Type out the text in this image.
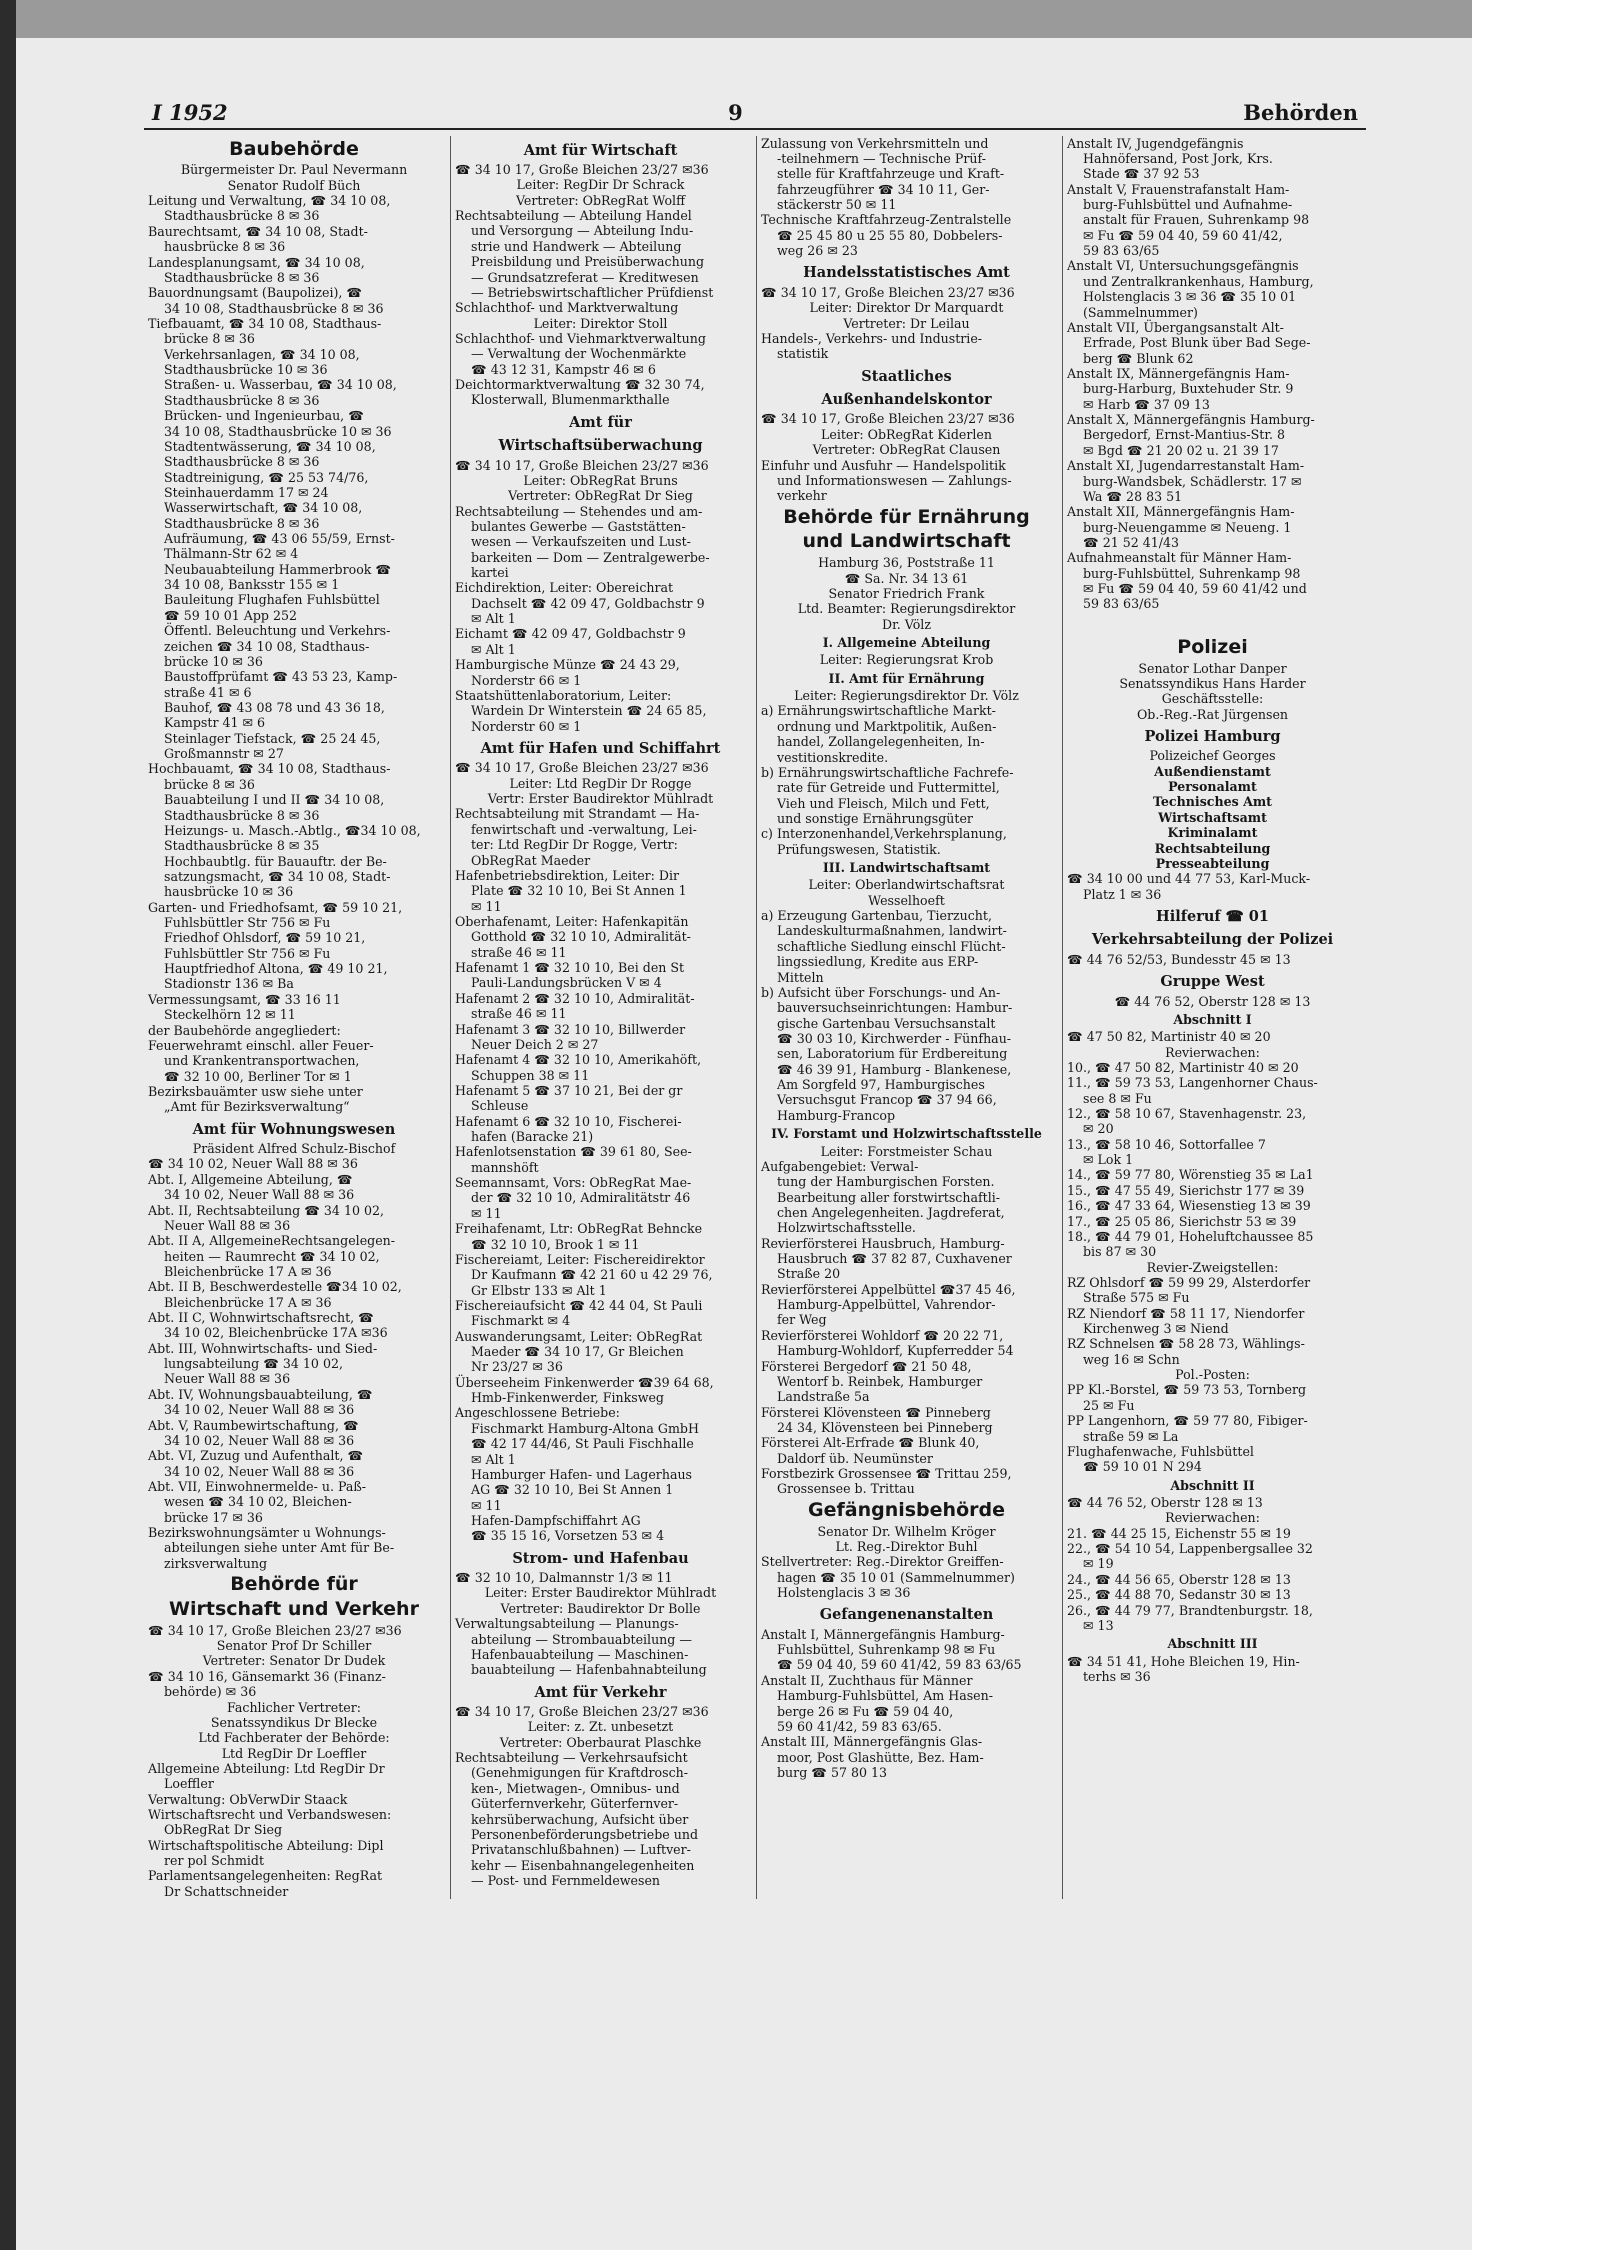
I 1952	9	Behörden

Baubehörde

Bürgermeister Dr. Paul Nevermann

Senator Rudolf Büch

Leitung und Verwaltung, ☎ 34 10 08,

Stadthausbrücke 8 ✉ 36

Baurechtsamt, ☎ 34 10 08, Stadt-

hausbrücke 8 ✉ 36

Landesplanungsamt, ☎ 34 10 08,

Stadthausbrücke 8 ✉ 36

Bauordnungsamt (Baupolizei), ☎

34 10 08, Stadthausbrücke 8 ✉ 36

Tiefbauamt, ☎ 34 10 08, Stadthaus-

brücke 8 ✉ 36

Verkehrsanlagen, ☎ 34 10 08,

Stadthausbrücke 10 ✉ 36

Straßen- u. Wasserbau, ☎ 34 10 08,

Stadthausbrücke 8 ✉ 36

Brücken- und Ingenieurbau, ☎

34 10 08, Stadthausbrücke 10 ✉ 36

Stadtentwässerung, ☎ 34 10 08,

Stadthausbrücke 8 ✉ 36

Stadtreinigung, ☎ 25 53 74/76,

Steinhauerdamm 17 ✉ 24

Wasserwirtschaft, ☎ 34 10 08,

Stadthausbrücke 8 ✉ 36

Aufräumung, ☎ 43 06 55/59, Ernst-

Thälmann-Str 62 ✉ 4

Neubauabteilung Hammerbrook ☎

34 10 08, Banksstr 155 ✉ 1

Bauleitung Flughafen Fuhlsbüttel

☎ 59 10 01 App 252

Öffentl. Beleuchtung und Verkehrs-

zeichen ☎ 34 10 08, Stadthaus-

brücke 10 ✉ 36

Baustoffprüfamt ☎ 43 53 23, Kamp-

straße 41 ✉ 6

Bauhof, ☎ 43 08 78 und 43 36 18,

Kampstr 41 ✉ 6

Steinlager Tiefstack, ☎ 25 24 45,

Großmannstr ✉ 27

Hochbauamt, ☎ 34 10 08, Stadthaus-

brücke 8 ✉ 36

Bauabteilung I und II ☎ 34 10 08,

Stadthausbrücke 8 ✉ 36

Heizungs- u. Masch.-Abtlg., ☎34 10 08,

Stadthausbrücke 8 ✉ 35

Hochbaubtlg. für Bauauftr. der Be-

satzungsmacht, ☎ 34 10 08, Stadt-

hausbrücke 10 ✉ 36

Garten- und Friedhofsamt, ☎ 59 10 21,

Fuhlsbüttler Str 756 ✉ Fu

Friedhof Ohlsdorf, ☎ 59 10 21,

Fuhlsbüttler Str 756 ✉ Fu

Hauptfriedhof Altona, ☎ 49 10 21,

Stadionstr 136 ✉ Ba

Vermessungsamt, ☎ 33 16 11

Steckelhörn 12 ✉ 11

der Baubehörde angegliedert:

Feuerwehramt einschl. aller Feuer-

und Krankentransportwachen,

☎ 32 10 00, Berliner Tor ✉ 1

Bezirksbauämter usw siehe unter

„Amt für Bezirksverwaltung“

Amt für Wohnungswesen

Präsident Alfred Schulz-Bischof

☎ 34 10 02, Neuer Wall 88 ✉ 36

Abt. I, Allgemeine Abteilung, ☎

34 10 02, Neuer Wall 88 ✉ 36

Abt. II, Rechtsabteilung ☎ 34 10 02,

Neuer Wall 88 ✉ 36

Abt. II A, AllgemeineRechtsangelegen-

heiten — Raumrecht ☎ 34 10 02,

Bleichenbrücke 17 A ✉ 36

Abt. II B, Beschwerdestelle ☎34 10 02,

Bleichenbrücke 17 A ✉ 36

Abt. II C, Wohnwirtschaftsrecht, ☎

34 10 02, Bleichenbrücke 17A ✉36

Abt. III, Wohnwirtschafts- und Sied-

lungsabteilung ☎ 34 10 02,

Neuer Wall 88 ✉ 36

Abt. IV, Wohnungsbauabteilung, ☎

34 10 02, Neuer Wall 88 ✉ 36

Abt. V, Raumbewirtschaftung, ☎

34 10 02, Neuer Wall 88 ✉ 36

Abt. VI, Zuzug und Aufenthalt, ☎

34 10 02, Neuer Wall 88 ✉ 36

Abt. VII, Einwohnermelde- u. Paß-

wesen ☎ 34 10 02, Bleichen-

brücke 17 ✉ 36

Bezirkswohnungsämter u Wohnungs-

abteilungen siehe unter Amt für Be-

zirksverwaltung

Behörde für

Wirtschaft und Verkehr

☎ 34 10 17, Große Bleichen 23/27 ✉36

Senator Prof Dr Schiller

Vertreter: Senator Dr Dudek

☎ 34 10 16, Gänsemarkt 36 (Finanz-

behörde) ✉ 36

Fachlicher Vertreter:

Senatssyndikus Dr Blecke

Ltd Fachberater der Behörde:

Ltd RegDir Dr Loeffler

Allgemeine Abteilung: Ltd RegDir Dr

Loeffler

Verwaltung: ObVerwDir Staack

Wirtschaftsrecht und Verbandswesen:

ObRegRat Dr Sieg

Wirtschaftspolitische Abteilung: Dipl

rer pol Schmidt

Parlamentsangelegenheiten: RegRat

Dr Schattschneider

Amt für Wirtschaft

☎ 34 10 17, Große Bleichen 23/27 ✉36

Leiter: RegDir Dr Schrack

Vertreter: ObRegRat Wolff

Rechtsabteilung — Abteilung Handel

und Versorgung — Abteilung Indu-

strie und Handwerk — Abteilung

Preisbildung und Preisüberwachung

— Grundsatzreferat — Kreditwesen

— Betriebswirtschaftlicher Prüfdienst

Schlachthof- und Marktverwaltung

Leiter: Direktor Stoll

Schlachthof- und Viehmarktverwaltung

— Verwaltung der Wochenmärkte

☎ 43 12 31, Kampstr 46 ✉ 6

Deichtormarktverwaltung ☎ 32 30 74,

Klosterwall, Blumenmarkthalle

Amt für

Wirtschaftsüberwachung

☎ 34 10 17, Große Bleichen 23/27 ✉36

Leiter: ObRegRat Bruns

Vertreter: ObRegRat Dr Sieg

Rechtsabteilung — Stehendes und am-

bulantes Gewerbe — Gaststätten-

wesen — Verkaufszeiten und Lust-

barkeiten — Dom — Zentralgewerbe-

kartei

Eichdirektion, Leiter: Obereichrat

Dachselt ☎ 42 09 47, Goldbachstr 9

✉ Alt 1

Eichamt ☎ 42 09 47, Goldbachstr 9

✉ Alt 1

Hamburgische Münze ☎ 24 43 29,

Norderstr 66 ✉ 1

Staatshüttenlaboratorium, Leiter:

Wardein Dr Winterstein ☎ 24 65 85,

Norderstr 60 ✉ 1

Amt für Hafen und Schiffahrt

☎ 34 10 17, Große Bleichen 23/27 ✉36

Leiter: Ltd RegDir Dr Rogge

Vertr: Erster Baudirektor Mühlradt

Rechtsabteilung mit Strandamt — Ha-

fenwirtschaft und -verwaltung, Lei-

ter: Ltd RegDir Dr Rogge, Vertr:

ObRegRat Maeder

Hafenbetriebsdirektion, Leiter: Dir

Plate ☎ 32 10 10, Bei St Annen 1

✉ 11

Oberhafenamt, Leiter: Hafenkapitän

Gotthold ☎ 32 10 10, Admiralität-

straße 46 ✉ 11

Hafenamt 1 ☎ 32 10 10, Bei den St

Pauli-Landungsbrücken V ✉ 4

Hafenamt 2 ☎ 32 10 10, Admiralität-

straße 46 ✉ 11

Hafenamt 3 ☎ 32 10 10, Billwerder

Neuer Deich 2 ✉ 27

Hafenamt 4 ☎ 32 10 10, Amerikahöft,

Schuppen 38 ✉ 11

Hafenamt 5 ☎ 37 10 21, Bei der gr

Schleuse

Hafenamt 6 ☎ 32 10 10, Fischerei-

hafen (Baracke 21)

Hafenlotsenstation ☎ 39 61 80, See-

mannshöft

Seemannsamt, Vors: ObRegRat Mae-

der ☎ 32 10 10, Admiralitätstr 46

✉ 11

Freihafenamt, Ltr: ObRegRat Behncke

☎ 32 10 10, Brook 1 ✉ 11

Fischereiamt, Leiter: Fischereidirektor

Dr Kaufmann ☎ 42 21 60 u 42 29 76,

Gr Elbstr 133 ✉ Alt 1

Fischereiaufsicht ☎ 42 44 04, St Pauli

Fischmarkt ✉ 4

Auswanderungsamt, Leiter: ObRegRat

Maeder ☎ 34 10 17, Gr Bleichen

Nr 23/27 ✉ 36

Überseeheim Finkenwerder ☎39 64 68,

Hmb-Finkenwerder, Finksweg

Angeschlossene Betriebe:

Fischmarkt Hamburg-Altona GmbH

☎ 42 17 44/46, St Pauli Fischhalle

✉ Alt 1

Hamburger Hafen- und Lagerhaus

AG ☎ 32 10 10, Bei St Annen 1

✉ 11

Hafen-Dampfschiffahrt AG

☎ 35 15 16, Vorsetzen 53 ✉ 4

Strom- und Hafenbau

☎ 32 10 10, Dalmannstr 1/3 ✉ 11

Leiter: Erster Baudirektor Mühlradt

Vertreter: Baudirektor Dr Bolle

Verwaltungsabteilung — Planungs-

abteilung — Strombauabteilung —

Hafenbauabteilung — Maschinen-

bauabteilung — Hafenbahnabteilung

Amt für Verkehr

☎ 34 10 17, Große Bleichen 23/27 ✉36

Leiter: z. Zt. unbesetzt

Vertreter: Oberbaurat Plaschke

Rechtsabteilung — Verkehrsaufsicht

(Genehmigungen für Kraftdrosch-

ken-, Mietwagen-, Omnibus- und

Güterfernverkehr, Güterfernver-

kehrsüberwachung, Aufsicht über

Personenbeförderungsbetriebe und

Privatanschlußbahnen) — Luftver-

kehr — Eisenbahnangelegenheiten

— Post- und Fernmeldewesen

Zulassung von Verkehrsmitteln und

-teilnehmern — Technische Prüf-

stelle für Kraftfahrzeuge und Kraft-

fahrzeugführer ☎ 34 10 11, Ger-

stäckerstr 50 ✉ 11

Technische Kraftfahrzeug-Zentralstelle

☎ 25 45 80 u 25 55 80, Dobbelers-

weg 26 ✉ 23

Handelsstatistisches Amt

☎ 34 10 17, Große Bleichen 23/27 ✉36

Leiter: Direktor Dr Marquardt

Vertreter: Dr Leilau

Handels-, Verkehrs- und Industrie-

statistik

Staatliches

Außenhandelskontor

☎ 34 10 17, Große Bleichen 23/27 ✉36

Leiter: ObRegRat Kiderlen

Vertreter: ObRegRat Clausen

Einfuhr und Ausfuhr — Handelspolitik

und Informationswesen — Zahlungs-

verkehr

Behörde für Ernährung

und Landwirtschaft

Hamburg 36, Poststraße 11

☎ Sa. Nr. 34 13 61

Senator Friedrich Frank

Ltd. Beamter: Regierungsdirektor

Dr. Völz

I. Allgemeine Abteilung

Leiter: Regierungsrat Krob

II. Amt für Ernährung

Leiter: Regierungsdirektor Dr. Völz

a) Ernährungswirtschaftliche Markt-

ordnung und Marktpolitik, Außen-

handel, Zollangelegenheiten, In-

vestitionskredite.

b) Ernährungswirtschaftliche Fachrefe-

rate für Getreide und Futtermittel,

Vieh und Fleisch, Milch und Fett,

und sonstige Ernährungsgüter

c) Interzonenhandel,Verkehrsplanung,

Prüfungswesen, Statistik.

III. Landwirtschaftsamt

Leiter: Oberlandwirtschaftsrat

Wesselhoeft

a) Erzeugung Gartenbau, Tierzucht,

Landeskulturmaßnahmen, landwirt-

schaftliche Siedlung einschl Flücht-

lingssiedlung, Kredite aus ERP-

Mitteln

b) Aufsicht über Forschungs- und An-

bauversuchseinrichtungen: Hambur-

gische Gartenbau Versuchsanstalt

☎ 30 03 10, Kirchwerder - Fünfhau-

sen, Laboratorium für Erdbereitung

☎ 46 39 91, Hamburg - Blankenese,

Am Sorgfeld 97, Hamburgisches

Versuchsgut Francop ☎ 37 94 66,

Hamburg-Francop

IV. Forstamt und Holzwirtschaftsstelle

Leiter: Forstmeister Schau

Aufgabengebiet: Verwal-

tung der Hamburgischen Forsten.

Bearbeitung aller forstwirtschaftli-

chen Angelegenheiten. Jagdreferat,

Holzwirtschaftsstelle.

Revierförsterei Hausbruch, Hamburg-

Hausbruch ☎ 37 82 87, Cuxhavener

Straße 20

Revierförsterei Appelbüttel ☎37 45 46,

Hamburg-Appelbüttel, Vahrendor-

fer Weg

Revierförsterei Wohldorf ☎ 20 22 71,

Hamburg-Wohldorf, Kupferredder 54

Försterei Bergedorf ☎ 21 50 48,

Wentorf b. Reinbek, Hamburger

Landstraße 5a

Försterei Klövensteen ☎ Pinneberg

24 34, Klövensteen bei Pinneberg

Försterei Alt-Erfrade ☎ Blunk 40,

Daldorf üb. Neumünster

Forstbezirk Grossensee ☎ Trittau 259,

Grossensee b. Trittau

Gefängnisbehörde

Senator Dr. Wilhelm Kröger

Lt. Reg.-Direktor Buhl

Stellvertreter: Reg.-Direktor Greiffen-

hagen ☎ 35 10 01 (Sammelnummer)

Holstenglacis 3 ✉ 36

Gefangenenanstalten

Anstalt I, Männergefängnis Hamburg-

Fuhlsbüttel, Suhrenkamp 98 ✉ Fu

☎ 59 04 40, 59 60 41/42, 59 83 63/65

Anstalt II, Zuchthaus für Männer

Hamburg-Fuhlsbüttel, Am Hasen-

berge 26 ✉ Fu ☎ 59 04 40,

59 60 41/42, 59 83 63/65.

Anstalt III, Männergefängnis Glas-

moor, Post Glashütte, Bez. Ham-

burg ☎ 57 80 13

Anstalt IV, Jugendgefängnis

Hahnöfersand, Post Jork, Krs.

Stade ☎ 37 92 53

Anstalt V, Frauenstrafanstalt Ham-

burg-Fuhlsbüttel und Aufnahme-

anstalt für Frauen, Suhrenkamp 98

✉ Fu ☎ 59 04 40, 59 60 41/42,

59 83 63/65

Anstalt VI, Untersuchungsgefängnis

und Zentralkrankenhaus, Hamburg,

Holstenglacis 3 ✉ 36 ☎ 35 10 01

(Sammelnummer)

Anstalt VII, Übergangsanstalt Alt-

Erfrade, Post Blunk über Bad Sege-

berg ☎ Blunk 62

Anstalt IX, Männergefängnis Ham-

burg-Harburg, Buxtehuder Str. 9

✉ Harb ☎ 37 09 13

Anstalt X, Männergefängnis Hamburg-

Bergedorf, Ernst-Mantius-Str. 8

✉ Bgd ☎ 21 20 02 u. 21 39 17

Anstalt XI, Jugendarrestanstalt Ham-

burg-Wandsbek, Schädlerstr. 17 ✉

Wa ☎ 28 83 51

Anstalt XII, Männergefängnis Ham-

burg-Neuengamme ✉ Neueng. 1

☎ 21 52 41/43

Aufnahmeanstalt für Männer Ham-

burg-Fuhlsbüttel, Suhrenkamp 98

✉ Fu ☎ 59 04 40, 59 60 41/42 und

59 83 63/65

Polizei

Senator Lothar Danper

Senatssyndikus Hans Harder

Geschäftsstelle:

Ob.-Reg.-Rat Jürgensen

Polizei Hamburg

Polizeichef Georges

Außendienstamt

Personalamt

Technisches Amt

Wirtschaftsamt

Kriminalamt

Rechtsabteilung

Presseabteilung

☎ 34 10 00 und 44 77 53, Karl-Muck-

Platz 1 ✉ 36

Hilferuf ☎ 01

Verkehrsabteilung der Polizei

☎ 44 76 52/53, Bundesstr 45 ✉ 13

Gruppe West

☎ 44 76 52, Oberstr 128 ✉ 13

Abschnitt I

☎ 47 50 82, Martinistr 40 ✉ 20

Revierwachen:

10., ☎ 47 50 82, Martinistr 40 ✉ 20

11., ☎ 59 73 53, Langenhorner Chaus-

see 8 ✉ Fu

12., ☎ 58 10 67, Stavenhagenstr. 23,

✉ 20

13., ☎ 58 10 46, Sottorfallee 7

✉ Lok 1

14., ☎ 59 77 80, Wörenstieg 35 ✉ La1

15., ☎ 47 55 49, Sierichstr 177 ✉ 39

16., ☎ 47 33 64, Wiesenstieg 13 ✉ 39

17., ☎ 25 05 86, Sierichstr 53 ✉ 39

18., ☎ 44 79 01, Hoheluftchaussee 85

bis 87 ✉ 30

Revier-Zweigstellen:

RZ Ohlsdorf ☎ 59 99 29, Alsterdorfer

Straße 575 ✉ Fu

RZ Niendorf ☎ 58 11 17, Niendorfer

Kirchenweg 3 ✉ Niend

RZ Schnelsen ☎ 58 28 73, Wählings-

weg 16 ✉ Schn

Pol.-Posten:

PP Kl.-Borstel, ☎ 59 73 53, Tornberg

25 ✉ Fu

PP Langenhorn, ☎ 59 77 80, Fibiger-

straße 59 ✉ La

Flughafenwache, Fuhlsbüttel

☎ 59 10 01 N 294

Abschnitt II

☎ 44 76 52, Oberstr 128 ✉ 13

Revierwachen:

21. ☎ 44 25 15, Eichenstr 55 ✉ 19

22., ☎ 54 10 54, Lappenbergsallee 32

✉ 19

24., ☎ 44 56 65, Oberstr 128 ✉ 13

25., ☎ 44 88 70, Sedanstr 30 ✉ 13

26., ☎ 44 79 77, Brandtenburgstr. 18,

✉ 13

Abschnitt III

☎ 34 51 41, Hohe Bleichen 19, Hin-

terhs ✉ 36
